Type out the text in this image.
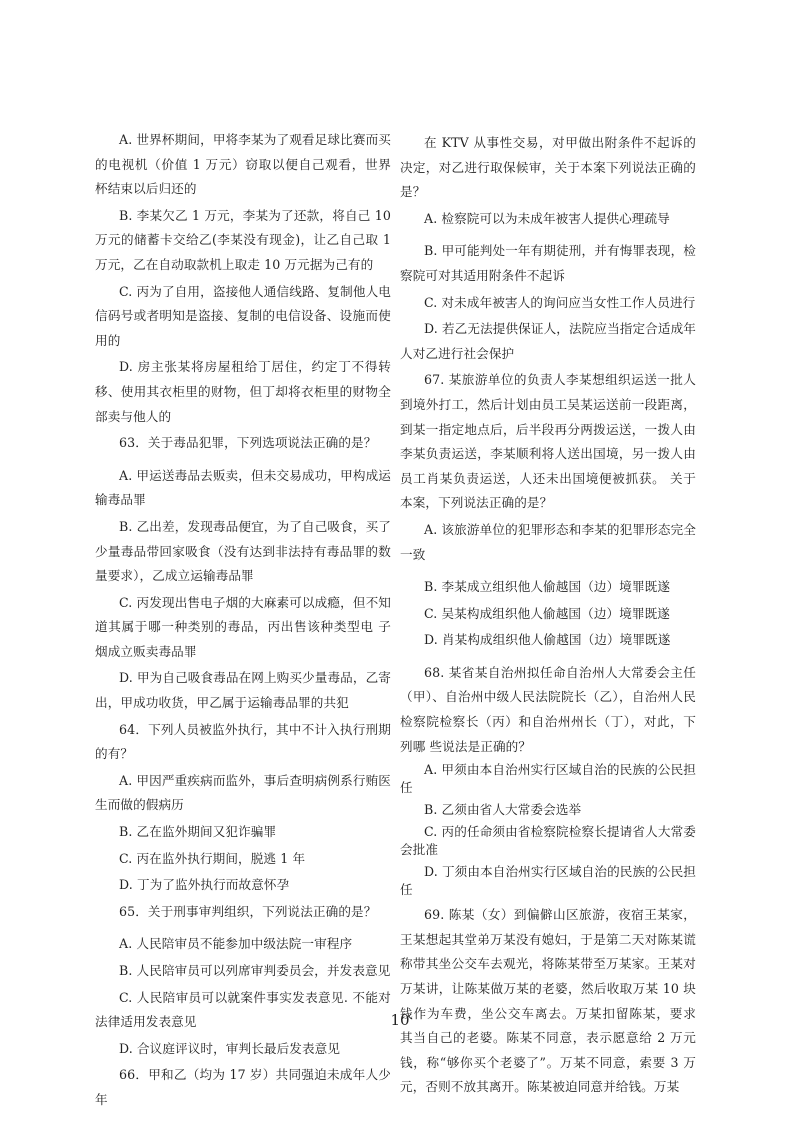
A. 世界杯期间，甲将李某为了观看足球比赛而买的电视机（价值 1 万元）窃取以便自己观看，世界 杯结束以后归还的

B. 李某欠乙 1 万元，李某为了还款，将自己 10 万元的储蓄卡交给乙(李某没有现金)，让乙自己取 1 万元，乙在自动取款机上取走 10 万元据为己有的

C. 丙为了自用，盗接他人通信线路、复制他人电信码号或者明知是盗接、复制的电信设备、设施而使 用的

D. 房主张某将房屋租给丁居住，约定丁不得转移、使用其衣柜里的财物，但丁却将衣柜里的财物全 部卖与他人的

63．关于毒品犯罪，下列选项说法正确的是？

A. 甲运送毒品去贩卖，但未交易成功，甲构成运输毒品罪

B. 乙出差，发现毒品便宜，为了自己吸食，买了少量毒品带回家吸食（没有达到非法持有毒品罪的数量要求），乙成立运输毒品罪

C. 丙发现出售电子烟的大麻素可以成瘾，但不知道其属于哪一种类别的毒品，丙出售该种类型电 子烟成立贩卖毒品罪

D. 甲为自己吸食毒品在网上购买少量毒品，乙寄出，甲成功收货，甲乙属于运输毒品罪的共犯

64．下列人员被监外执行，其中不计入执行刑期的有？

A. 甲因严重疾病而监外，事后查明病例系行贿医生而做的假病历

B. 乙在监外期间又犯诈骗罪

C. 丙在监外执行期间，脱逃 1 年

D. 丁为了监外执行而故意怀孕

65．关于刑事审判组织，下列说法正确的是？

A. 人民陪审员不能参加中级法院一审程序

B. 人民陪审员可以列席审判委员会，并发表意见

C. 人民陪审员可以就案件事实发表意见. 不能对法律适用发表意见

D. 合议庭评议时，审判长最后发表意见

66．甲和乙（均为 17 岁）共同强迫未成年人少年

在 KTV 从事性交易，对甲做出附条件不起诉的决定，对乙进行取保候审，关于本案下列说法正确的是？

A. 检察院可以为未成年被害人提供心理疏导

B. 甲可能判处一年有期徒刑，并有悔罪表现，检察院可对其适用附条件不起诉

C. 对未成年被害人的询问应当女性工作人员进行

D. 若乙无法提供保证人，法院应当指定合适成年人对乙进行社会保护

67. 某旅游单位的负责人李某想组织运送一批人到境外打工，然后计划由员工吴某运送前一段距离，到某一指定地点后，后半段再分两拨运送，一拨人由李某负责运送，李某顺利将人送出国境，另一拨人由员工肖某负责运送，人还未出国境便被抓获。 关于本案，下列说法正确的是？

A. 该旅游单位的犯罪形态和李某的犯罪形态完全一致

B. 李某成立组织他人偷越国（边）境罪既遂

C. 吴某构成组织他人偷越国（边）境罪既遂

D. 肖某构成组织他人偷越国（边）境罪既遂

68. 某省某自治州拟任命自治州人大常委会主任（甲）、自治州中级人民法院院长（乙），自治州人民 检察院检察长（丙）和自治州州长（丁），对此，下列哪 些说法是正确的？

A. 甲须由本自治州实行区域自治的民族的公民担任

B. 乙须由省人大常委会选举

C. 丙的任命须由省检察院检察长提请省人大常委会批准

D. 丁须由本自治州实行区域自治的民族的公民担任

69. 陈某（女）到偏僻山区旅游，夜宿王某家，王某想起其堂弟万某没有媳妇，于是第二天对陈某谎称带其坐公交车去观光，将陈某带至万某家。王某对万某讲，让陈某做万某的老婆，然后收取万某 10 块钱作为车费，坐公交车离去。万某扣留陈某，要求 其当自己的老婆。陈某不同意，表示愿意给 2 万元 钱，称“够你买个老婆了”。万某不同意，索要 3 万 元，否则不放其离开。陈某被迫同意并给钱。万某

10
